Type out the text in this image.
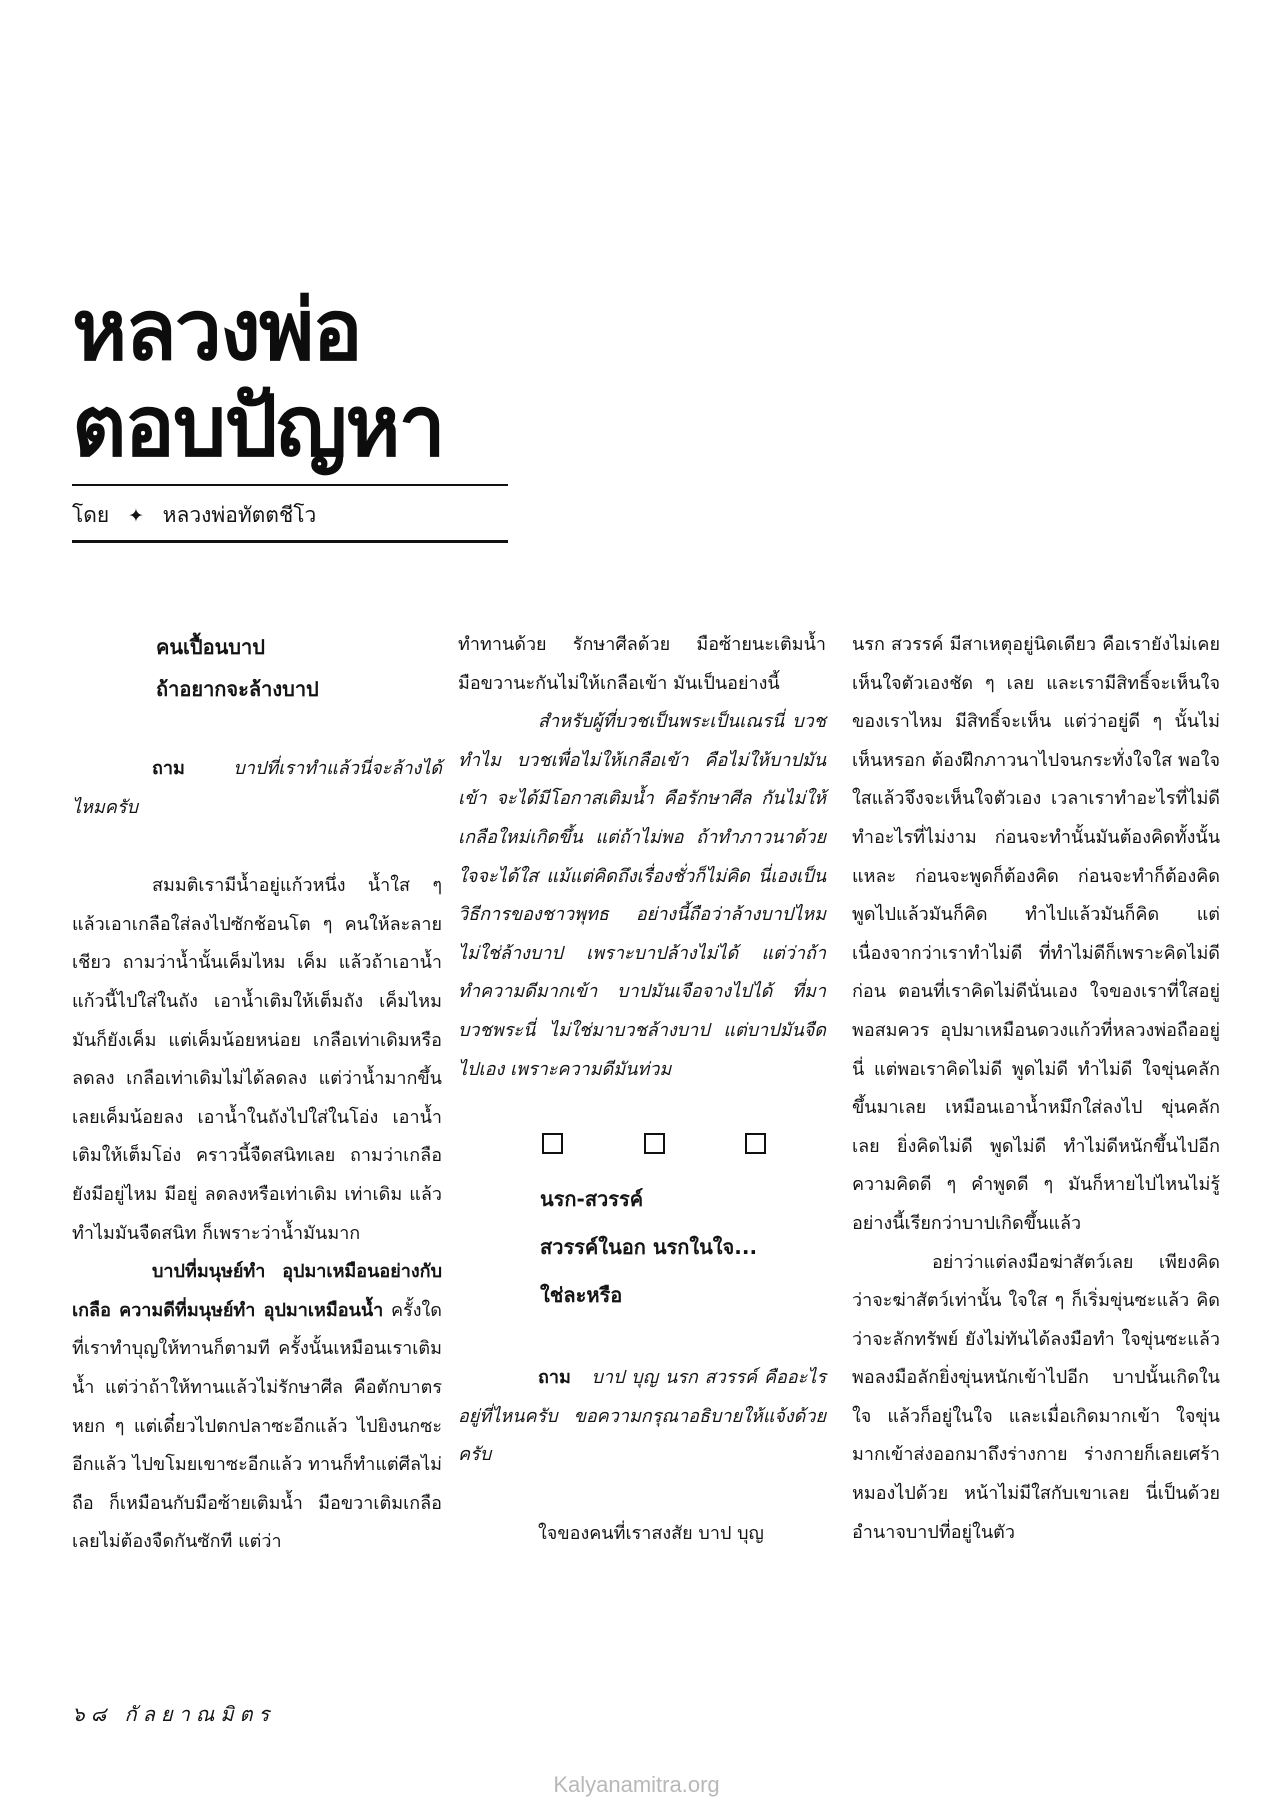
หลวงพ่อ
ตอบปัญหา
โดย ✦ หลวงพ่อทัตตชีโว

คนเปื้อนบาป

ถ้าอยากจะล้างบาป

ถาม	บาปที่เราทำแล้วนี่จะล้างได้ไหมครับ

สมมติเรามีน้ำอยู่แก้วหนึ่ง น้ำใส ๆ แล้วเอาเกลือใส่ลงไปซักช้อนโต ๆ คนให้ละลายเชียว ถามว่าน้ำนั้นเค็มไหม เค็ม แล้วถ้าเอาน้ำแก้วนี้ไปใส่ในถัง เอาน้ำเติมให้เต็มถัง เค็มไหม มันก็ยังเค็ม แต่เค็มน้อยหน่อย เกลือเท่าเดิมหรือลดลง เกลือเท่าเดิมไม่ได้ลดลง แต่ว่าน้ำมากขึ้น เลยเค็มน้อยลง เอาน้ำในถังไปใส่ในโอ่ง เอาน้ำเติมให้เต็มโอ่ง คราวนี้จืดสนิทเลย ถามว่าเกลือยังมีอยู่ไหม มีอยู่ ลดลงหรือเท่าเดิม เท่าเดิม แล้วทำไมมันจืดสนิท ก็เพราะว่าน้ำมันมาก

บาปที่มนุษย์ทำ อุปมาเหมือนอย่างกับเกลือ ความดีที่มนุษย์ทำ อุปมาเหมือนน้ำ ครั้งใดที่เราทำบุญให้ทานก็ตามที ครั้งนั้นเหมือนเราเติมน้ำ แต่ว่าถ้าให้ทานแล้วไม่รักษาศีล คือตักบาตรหยก ๆ แต่เดี๋ยวไปตกปลาซะอีกแล้ว ไปยิงนกซะอีกแล้ว ไปขโมยเขาซะอีกแล้ว ทานก็ทำแต่ศีลไม่ถือ ก็เหมือนกับมือซ้ายเติมน้ำ มือขวาเติมเกลือ เลยไม่ต้องจืดกันซักที แต่ว่า

ทำทานด้วย รักษาศีลด้วย มือซ้ายนะเติมน้ำ มือขวานะกันไม่ให้เกลือเข้า มันเป็นอย่างนี้

สำหรับผู้ที่บวชเป็นพระเป็นเณรนี่ บวชทำไม บวชเพื่อไม่ให้เกลือเข้า คือไม่ให้บาปมันเข้า จะได้มีโอกาสเติมน้ำ คือรักษาศีล กันไม่ให้เกลือใหม่เกิดขึ้น แต่ถ้าไม่พอ ถ้าทำภาวนาด้วย ใจจะได้ใส แม้แต่คิดถึงเรื่องชั่วก็ไม่คิด นี่เองเป็นวิธีการของชาวพุทธ อย่างนี้ถือว่าล้างบาปไหม ไม่ใช่ล้างบาป เพราะบาปล้างไม่ได้ แต่ว่าถ้าทำความดีมากเข้า บาปมันเจือจางไปได้ ที่มาบวชพระนี่ ไม่ใช่มาบวชล้างบาป แต่บาปมันจืดไปเอง เพราะความดีมันท่วม

นรก-สวรรค์

สวรรค์ในอก นรกในใจ...

ใช่ละหรือ

ถาม บาป บุญ นรก สวรรค์ คืออะไร อยู่ที่ไหนครับ ขอความกรุณาอธิบายให้แจ้งด้วยครับ

ใจของคนที่เราสงสัย บาป บุญ

นรก สวรรค์ มีสาเหตุอยู่นิดเดียว คือเรายังไม่เคยเห็นใจตัวเองชัด ๆ เลย และเรามีสิทธิ์จะเห็นใจของเราไหม มีสิทธิ์จะเห็น แต่ว่าอยู่ดี ๆ นั้นไม่เห็นหรอก ต้องฝึกภาวนาไปจนกระทั่งใจใส พอใจใสแล้วจึงจะเห็นใจตัวเอง เวลาเราทำอะไรที่ไม่ดี ทำอะไรที่ไม่งาม ก่อนจะทำนั้นมันต้องคิดทั้งนั้นแหละ ก่อนจะพูดก็ต้องคิด ก่อนจะทำก็ต้องคิด พูดไปแล้วมันก็คิด ทำไปแล้วมันก็คิด แต่เนื่องจากว่าเราทำไม่ดี ที่ทำไม่ดีก็เพราะคิดไม่ดีก่อน ตอนที่เราคิดไม่ดีนั่นเอง ใจของเราที่ใสอยู่พอสมควร อุปมาเหมือนดวงแก้วที่หลวงพ่อถืออยู่นี่ แต่พอเราคิดไม่ดี พูดไม่ดี ทำไม่ดี ใจขุ่นคลักขึ้นมาเลย เหมือนเอาน้ำหมึกใส่ลงไป ขุ่นคลักเลย ยิ่งคิดไม่ดี พูดไม่ดี ทำไม่ดีหนักขึ้นไปอีก ความคิดดี ๆ คำพูดดี ๆ มันก็หายไปไหนไม่รู้ อย่างนี้เรียกว่าบาปเกิดขึ้นแล้ว

อย่าว่าแต่ลงมือฆ่าสัตว์เลย เพียงคิดว่าจะฆ่าสัตว์เท่านั้น ใจใส ๆ ก็เริ่มขุ่นซะแล้ว คิดว่าจะลักทรัพย์ ยังไม่ทันได้ลงมือทำ ใจขุ่นซะแล้ว พอลงมือลักยิ่งขุ่นหนักเข้าไปอีก บาปนั้นเกิดในใจ แล้วก็อยู่ในใจ และเมื่อเกิดมากเข้า ใจขุ่นมากเข้าส่งออกมาถึงร่างกาย ร่างกายก็เลยเศร้าหมองไปด้วย หน้าไม่มีใสกับเขาเลย นี่เป็นด้วยอำนาจบาปที่อยู่ในตัว

๖๘ กัลยาณมิตร
Kalyanamitra.org
